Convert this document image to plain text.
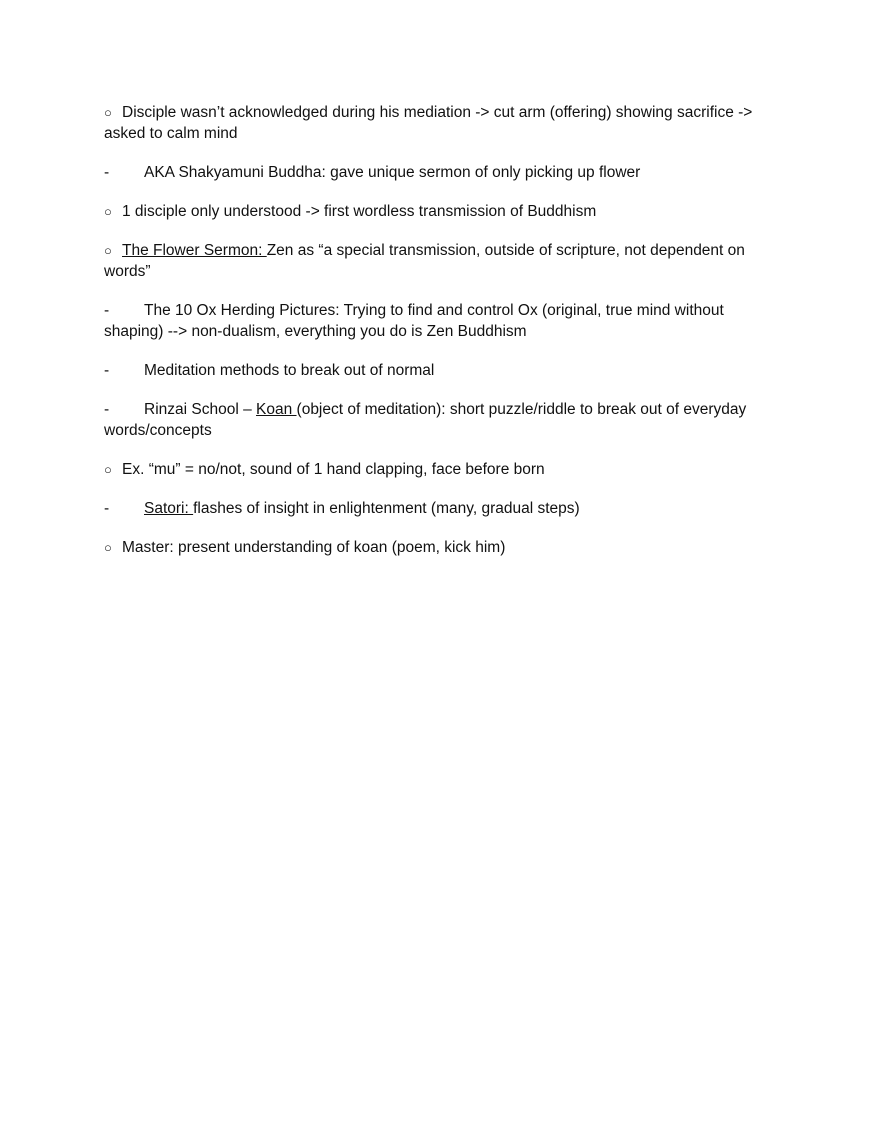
○ Disciple wasn’t acknowledged during his mediation -> cut arm (offering) showing sacrifice -> asked to calm mind

- AKA Shakyamuni Buddha: gave unique sermon of only picking up flower

○ 1 disciple only understood -> first wordless transmission of Buddhism

○ The Flower Sermon: Zen as “a special transmission, outside of scripture, not dependent on words”

- The 10 Ox Herding Pictures: Trying to find and control Ox (original, true mind without shaping) --> non-dualism, everything you do is Zen Buddhism

- Meditation methods to break out of normal

- Rinzai School – Koan (object of meditation): short puzzle/riddle to break out of everyday words/concepts

○ Ex. “mu” = no/not, sound of 1 hand clapping, face before born

- Satori: flashes of insight in enlightenment (many, gradual steps)

○ Master: present understanding of koan (poem, kick him)
